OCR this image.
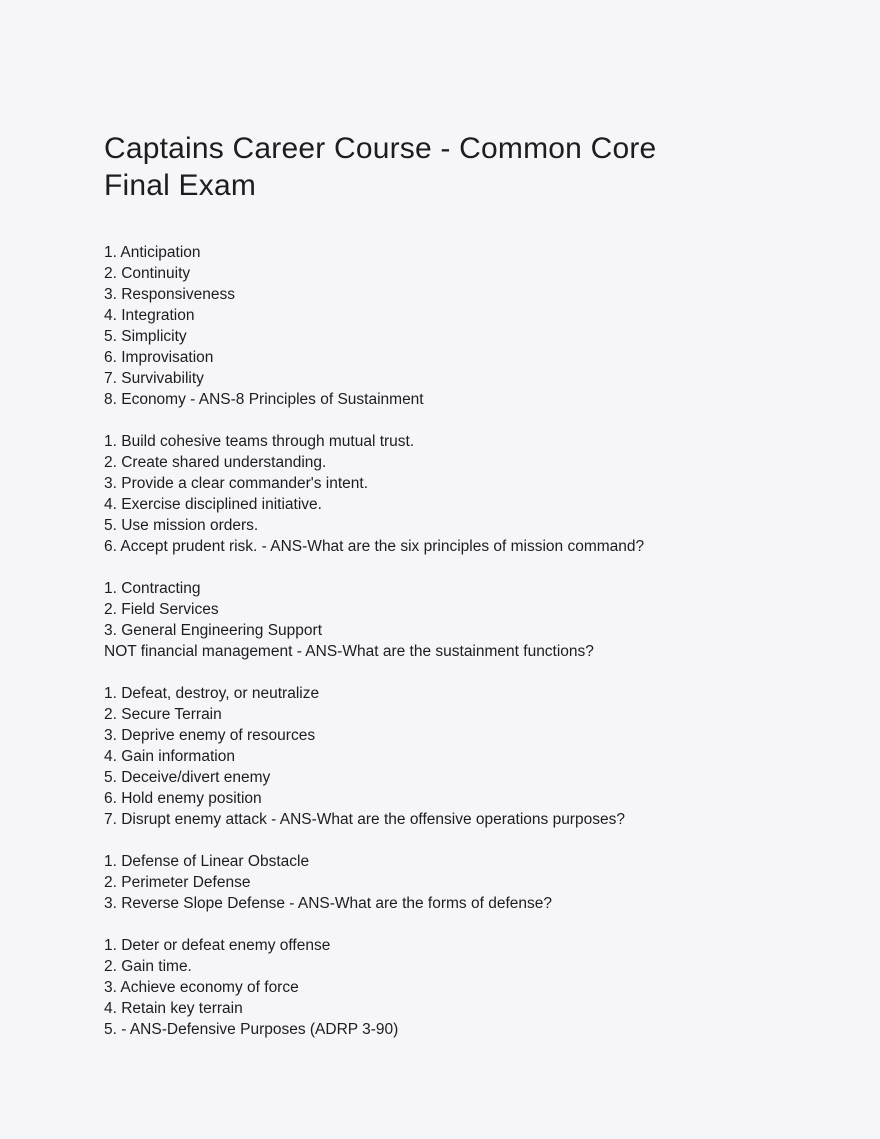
Captains Career Course - Common Core Final Exam
1. Anticipation
2. Continuity
3. Responsiveness
4. Integration
5. Simplicity
6. Improvisation
7. Survivability
8. Economy - ANS-8 Principles of Sustainment
1. Build cohesive teams through mutual trust.
2. Create shared understanding.
3. Provide a clear commander's intent.
4. Exercise disciplined initiative.
5. Use mission orders.
6. Accept prudent risk. - ANS-What are the six principles of mission command?
1. Contracting
2. Field Services
3. General Engineering Support
NOT financial management - ANS-What are the sustainment functions?
1. Defeat, destroy, or neutralize
2. Secure Terrain
3. Deprive enemy of resources
4. Gain information
5. Deceive/divert enemy
6. Hold enemy position
7. Disrupt enemy attack - ANS-What are the offensive operations purposes?
1. Defense of Linear Obstacle
2. Perimeter Defense
3. Reverse Slope Defense - ANS-What are the forms of defense?
1. Deter or defeat enemy offense
2. Gain time.
3. Achieve economy of force
4. Retain key terrain
5. - ANS-Defensive Purposes (ADRP 3-90)
